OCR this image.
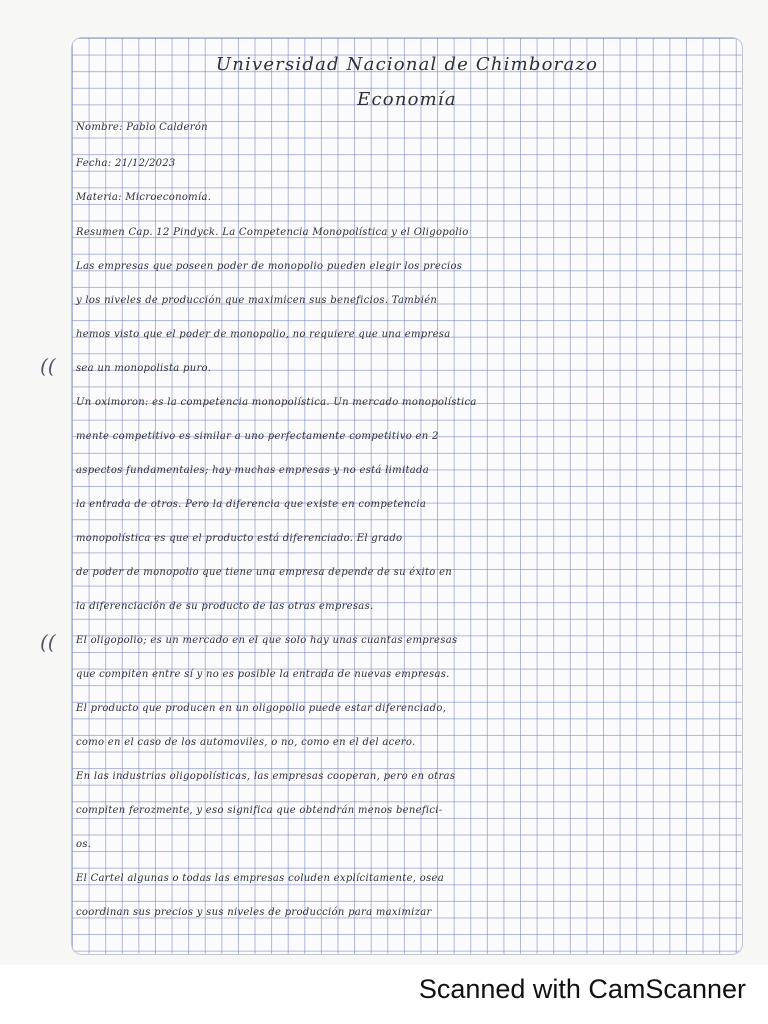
Universidad Nacional de Chimborazo
Economía
Nombre: Pablo Calderón
Fecha: 21/12/2023
Materia: Microeconomía.
Resumen Cap. 12 Pindyck. La Competencia Monopolística y el Oligopolio
Las empresas que poseen poder de monopolio pueden elegir los precios
y los niveles de producción que maximicen sus beneficios. También
hemos visto que el poder de monopolio, no requiere que una empresa
sea un monopolista puro.
Un oximoron: es la competencia monopolística. Un mercado monopolística
mente competitivo es similar a uno perfectamente competitivo en 2
aspectos fundamentales; hay muchas empresas y no está limitada
la entrada de otros. Pero la diferencia que existe en competencia
monopolística es que el producto está diferenciado. El grado
de poder de monopolio que tiene una empresa depende de su éxito en
la diferenciación de su producto de las otras empresas.
El oligopolio; es un mercado en el que solo hay unas cuantas empresas
que compiten entre sí y no es posible la entrada de nuevas empresas.
El producto que producen en un oligopolio puede estar diferenciado,
como en el caso de los automoviles, o no, como en el del acero.
En las industrias oligopolísticas, las empresas cooperan, pero en otras
compiten ferozmente, y eso significa que obtendrán menos benefici-
os.
El Cartel algunas o todas las empresas coluden explícitamente, osea
coordinan sus precios y sus niveles de producción para maximizar
((
((
Scanned with CamScanner
